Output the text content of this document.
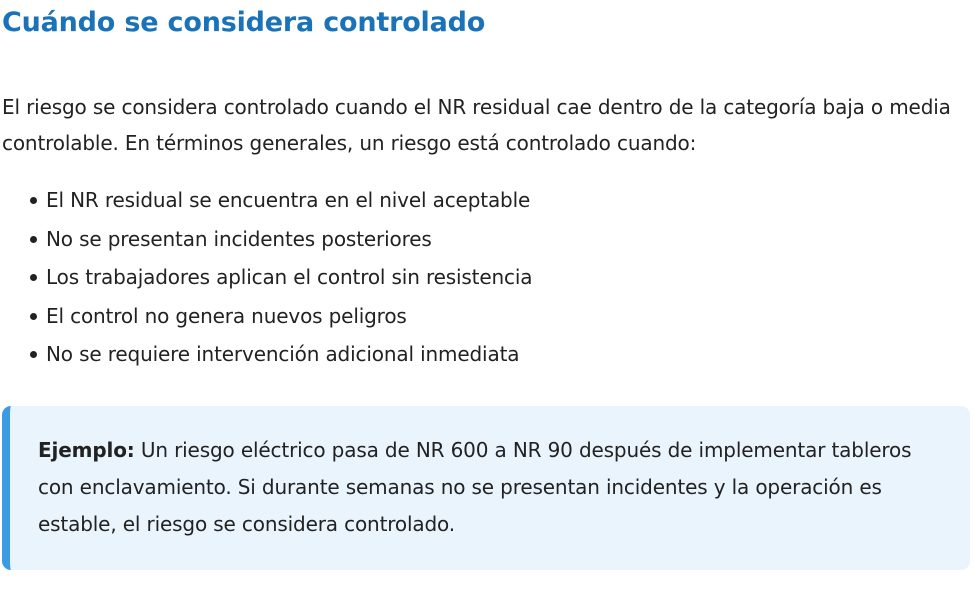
Cuándo se considera controlado

El riesgo se considera controlado cuando el NR residual cae dentro de la categoría baja o media controlable. En términos generales, un riesgo está controlado cuando:

El NR residual se encuentra en el nivel aceptable
No se presentan incidentes posteriores
Los trabajadores aplican el control sin resistencia
El control no genera nuevos peligros
No se requiere intervención adicional inmediata

Ejemplo: Un riesgo eléctrico pasa de NR 600 a NR 90 después de implementar tableros con enclavamiento. Si durante semanas no se presentan incidentes y la operación es estable, el riesgo se considera controlado.
